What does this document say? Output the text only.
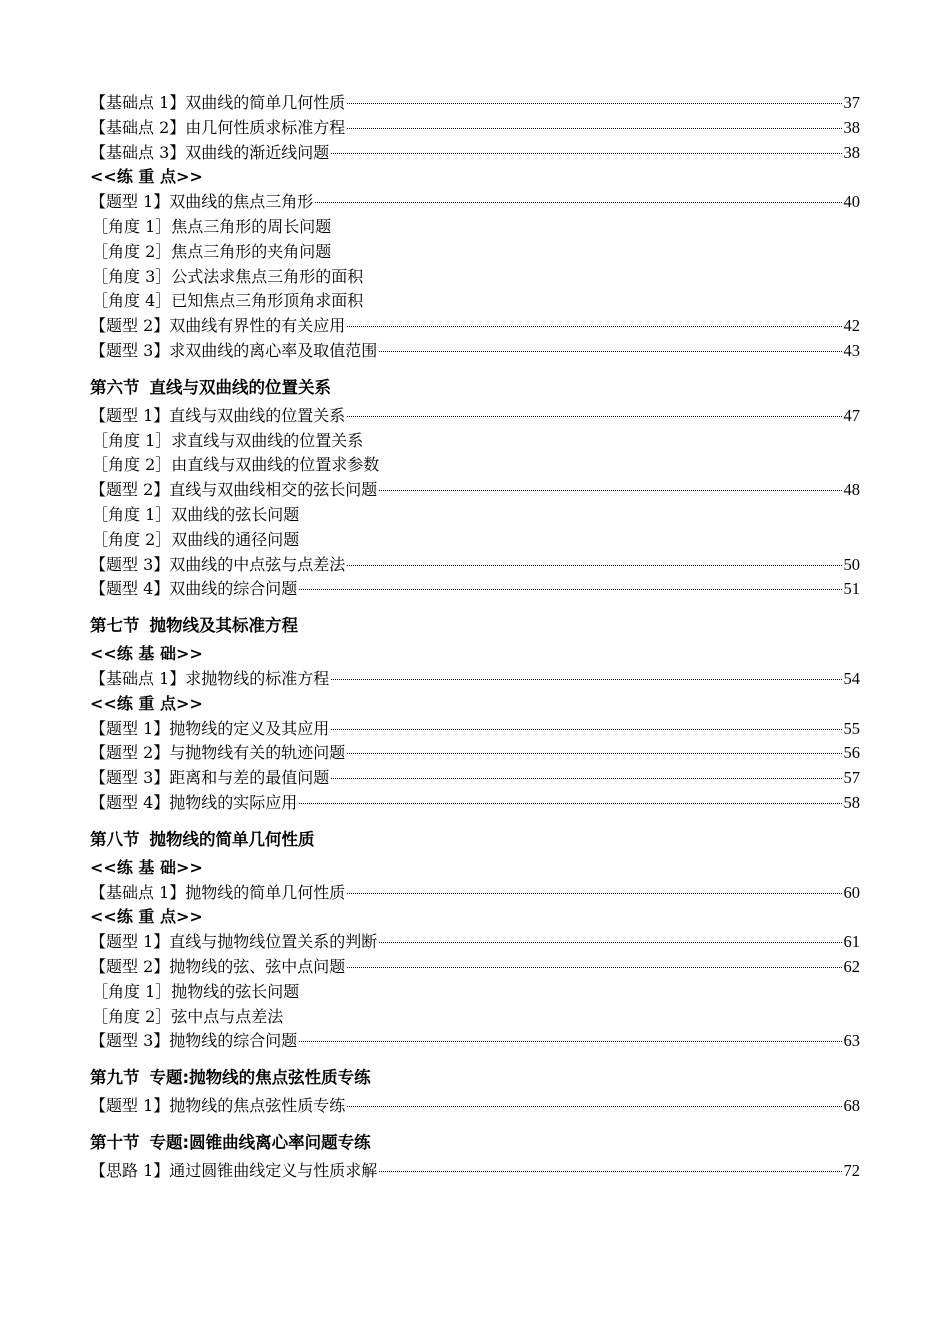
【基础点 1】双曲线的简单几何性质	37
【基础点 2】由几何性质求标准方程	38
【基础点 3】双曲线的渐近线问题	38
<<练 重 点>>
【题型 1】双曲线的焦点三角形	40
［角度 1］焦点三角形的周长问题
［角度 2］焦点三角形的夹角问题
［角度 3］公式法求焦点三角形的面积
［角度 4］已知焦点三角形顶角求面积
【题型 2】双曲线有界性的有关应用	42
【题型 3】求双曲线的离心率及取值范围	43
第六节 直线与双曲线的位置关系
【题型 1】直线与双曲线的位置关系	47
［角度 1］求直线与双曲线的位置关系
［角度 2］由直线与双曲线的位置求参数
【题型 2】直线与双曲线相交的弦长问题	48
［角度 1］双曲线的弦长问题
［角度 2］双曲线的通径问题
【题型 3】双曲线的中点弦与点差法	50
【题型 4】双曲线的综合问题	51
第七节 抛物线及其标准方程
<<练 基 础>>
【基础点 1】求抛物线的标准方程	54
<<练 重 点>>
【题型 1】抛物线的定义及其应用	55
【题型 2】与抛物线有关的轨迹问题	56
【题型 3】距离和与差的最值问题	57
【题型 4】抛物线的实际应用	58
第八节 抛物线的简单几何性质
<<练 基 础>>
【基础点 1】抛物线的简单几何性质	60
<<练 重 点>>
【题型 1】直线与抛物线位置关系的判断	61
【题型 2】抛物线的弦、弦中点问题	62
［角度 1］抛物线的弦长问题
［角度 2］弦中点与点差法
【题型 3】抛物线的综合问题	63
第九节 专题:抛物线的焦点弦性质专练
【题型 1】抛物线的焦点弦性质专练	68
第十节 专题:圆锥曲线离心率问题专练
【思路 1】通过圆锥曲线定义与性质求解	72
